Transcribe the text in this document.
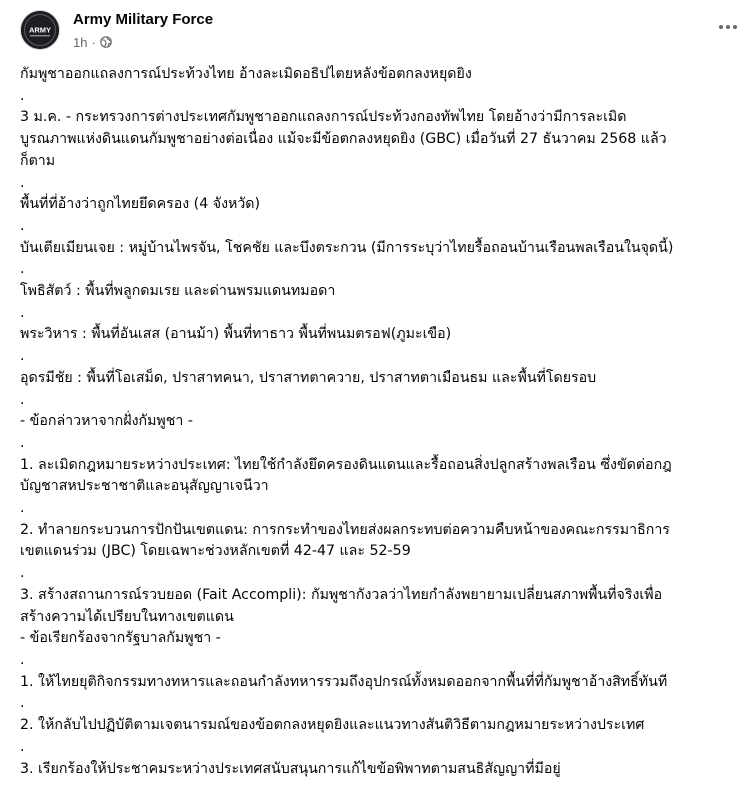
ARMY
Army Military Force
1h ·
กัมพูชาออกแถลงการณ์ประท้วงไทย อ้างละเมิดอธิปไตยหลังข้อตกลงหยุดยิง
.
3 ม.ค. - กระทรวงการต่างประเทศกัมพูชาออกแถลงการณ์ประท้วงกองทัพไทย โดยอ้างว่ามีการละเมิด
บูรณภาพแห่งดินแดนกัมพูชาอย่างต่อเนื่อง แม้จะมีข้อตกลงหยุดยิง (GBC) เมื่อวันที่ 27 ธันวาคม 2568 แล้ว
ก็ตาม
.
พื้นที่ที่อ้างว่าถูกไทยยึดครอง (4 จังหวัด)
.
บันเตียเมียนเจย : หมู่บ้านไพรจัน, โชคชัย และบึงตระกวน (มีการระบุว่าไทยรื้อถอนบ้านเรือนพลเรือนในจุดนี้)
.
โพธิสัตว์ : พื้นที่พลูกดมเรย และด่านพรมแดนทมอดา
.
พระวิหาร : พื้นที่อันเสส (อานม้า) พื้นที่ทาธาว พื้นที่พนมตรอฟ(ภูมะเขือ)
.
อุดรมีชัย : พื้นที่โอเสม็ด, ปราสาทคนา, ปราสาทตาควาย, ปราสาทตาเมือนธม และพื้นที่โดยรอบ
.
- ข้อกล่าวหาจากฝั่งกัมพูชา -
.
1. ละเมิดกฎหมายระหว่างประเทศ: ไทยใช้กำลังยึดครองดินแดนและรื้อถอนสิ่งปลูกสร้างพลเรือน ซึ่งขัดต่อกฎ
บัญชาสหประชาชาติและอนุสัญญาเจนีวา
.
2. ทำลายกระบวนการปักปันเขตแดน: การกระทำของไทยส่งผลกระทบต่อความคืบหน้าของคณะกรรมาธิการ
เขตแดนร่วม (JBC) โดยเฉพาะช่วงหลักเขตที่ 42-47 และ 52-59
.
3. สร้างสถานการณ์รวบยอด (Fait Accompli): กัมพูชากังวลว่าไทยกำลังพยายามเปลี่ยนสภาพพื้นที่จริงเพื่อ
สร้างความได้เปรียบในทางเขตแดน
- ข้อเรียกร้องจากรัฐบาลกัมพูชา -
.
1. ให้ไทยยุติกิจกรรมทางทหารและถอนกำลังทหารรวมถึงอุปกรณ์ทั้งหมดออกจากพื้นที่ที่กัมพูชาอ้างสิทธิ์ทันที
.
2. ให้กลับไปปฏิบัติตามเจตนารมณ์ของข้อตกลงหยุดยิงและแนวทางสันติวิธีตามกฎหมายระหว่างประเทศ
.
3. เรียกร้องให้ประชาคมระหว่างประเทศสนับสนุนการแก้ไขข้อพิพาทตามสนธิสัญญาที่มีอยู่
